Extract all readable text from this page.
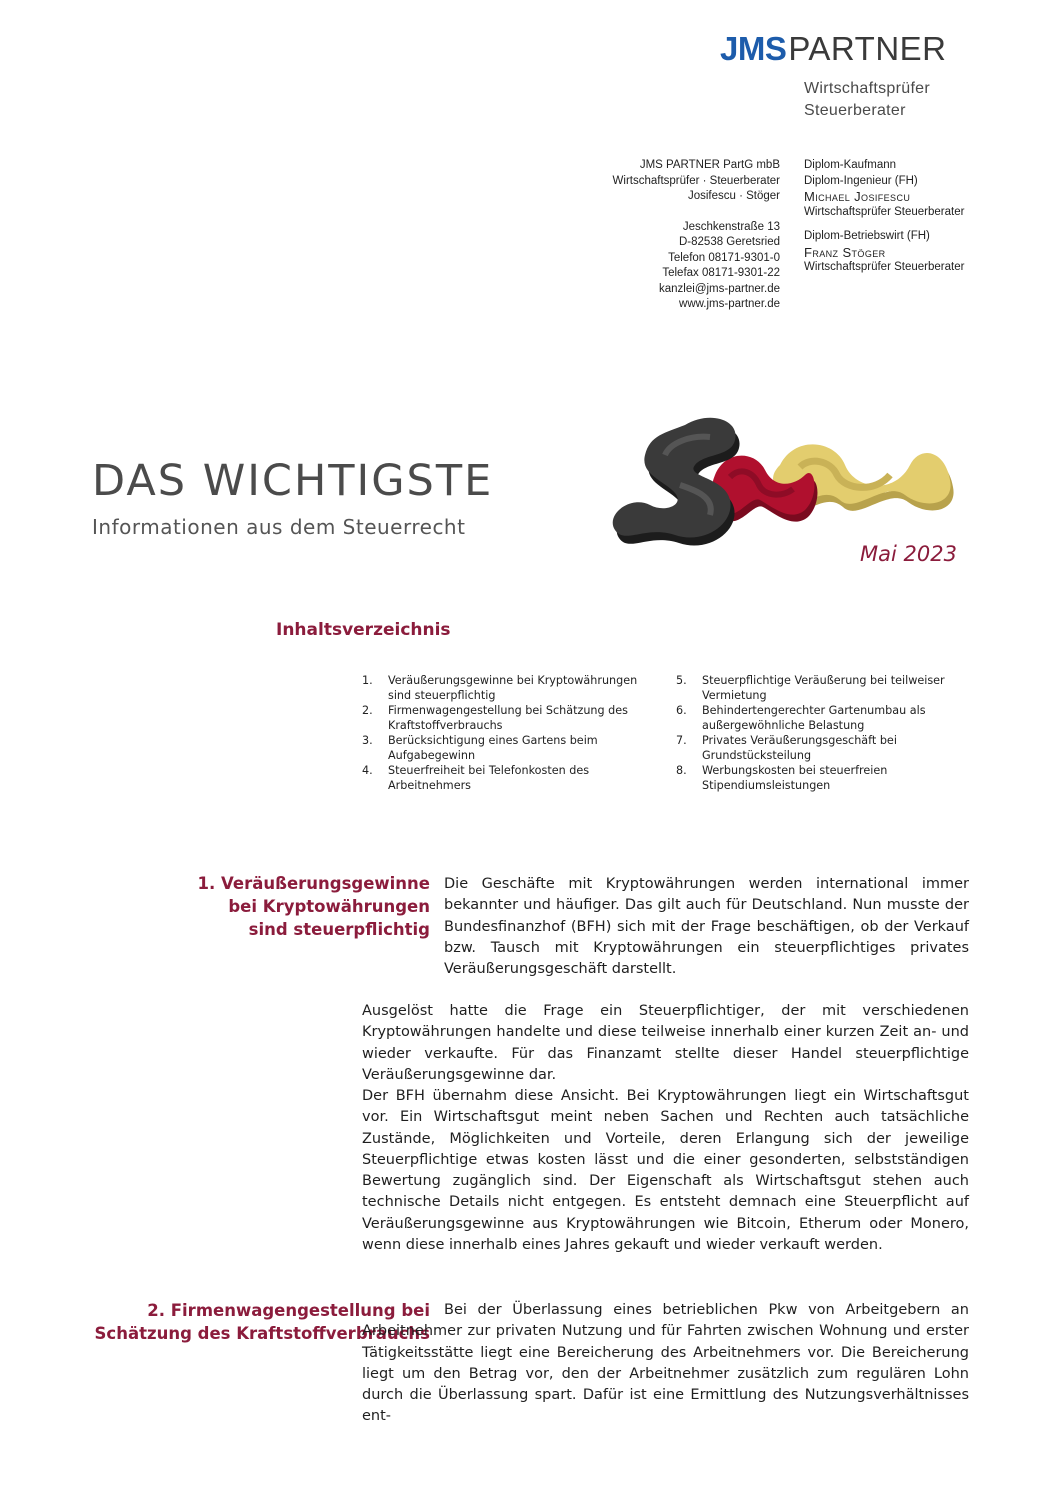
JMSPARTNER
Wirtschaftsprüfer
Steuerberater
JMS PARTNER PartG mbB
Wirtschaftsprüfer · Steuerberater
Josifescu · Stöger
Jeschkenstraße 13
D-82538 Geretsried
Telefon 08171-9301-0
Telefax 08171-9301-22
kanzlei@jms-partner.de
www.jms-partner.de
Diplom-Kaufmann
Diplom-Ingenieur (FH)
Michael Josifescu
Wirtschaftsprüfer Steuerberater
Diplom-Betriebswirt (FH)
Franz Stöger
Wirtschaftsprüfer Steuerberater
DAS WICHTIGSTE
Informationen aus dem Steuerrecht
Mai 2023
Inhaltsverzeichnis
1.	Veräußerungsgewinne bei Kryptowährungen sind steuerpflichtig
2.	Firmenwagengestellung bei Schätzung des Kraftstoffverbrauchs
3.	Berücksichtigung eines Gartens beim Aufgabegewinn
4.	Steuerfreiheit bei Telefonkosten des Arbeitnehmers
5.	Steuerpflichtige Veräußerung bei teilweiser Vermietung
6.	Behindertengerechter Gartenumbau als außergewöhnliche Belastung
7.	Privates Veräußerungsgeschäft bei Grundstücksteilung
8.	Werbungskosten bei steuerfreien Stipendiumsleistungen
1. Veräußerungsgewinne
bei Kryptowährungen
sind steuerpflichtig
Die Geschäfte mit Kryptowährungen werden international immer bekannter und häufiger. Das gilt auch für Deutschland. Nun musste der Bundesfinanzhof (BFH) sich mit der Frage beschäftigen, ob der Verkauf bzw. Tausch mit Kryptowährungen ein steuerpflichtiges privates Veräußerungsgeschäft darstellt.
Ausgelöst hatte die Frage ein Steuerpflichtiger, der mit verschiedenen Kryptowährungen handelte und diese teilweise innerhalb einer kurzen Zeit an- und wieder verkaufte. Für das Finanzamt stellte dieser Handel steuerpflichtige Veräußerungsgewinne dar.
Der BFH übernahm diese Ansicht. Bei Kryptowährungen liegt ein Wirtschaftsgut vor. Ein Wirtschaftsgut meint neben Sachen und Rechten auch tatsächliche Zustände, Möglichkeiten und Vorteile, deren Erlangung sich der jeweilige Steuerpflichtige etwas kosten lässt und die einer gesonderten, selbstständigen Bewertung zugänglich sind. Der Eigenschaft als Wirtschaftsgut stehen auch technische Details nicht entgegen. Es entsteht demnach eine Steuerpflicht auf Veräußerungsgewinne aus Kryptowährungen wie Bitcoin, Etherum oder Monero, wenn diese innerhalb eines Jahres gekauft und wieder verkauft werden.
2. Firmenwagengestellung bei
Schätzung des Kraftstoffverbrauchs
Bei der Überlassung eines betrieblichen Pkw von Arbeitgebern an Arbeitnehmer zur privaten Nutzung und für Fahrten zwischen Wohnung und erster Tätigkeitsstätte liegt eine Bereicherung des Arbeitnehmers vor. Die Bereicherung liegt um den Betrag vor, den der Arbeitnehmer zusätzlich zum regulären Lohn durch die Überlassung spart. Dafür ist eine Ermittlung des Nutzungsverhältnisses ent-
